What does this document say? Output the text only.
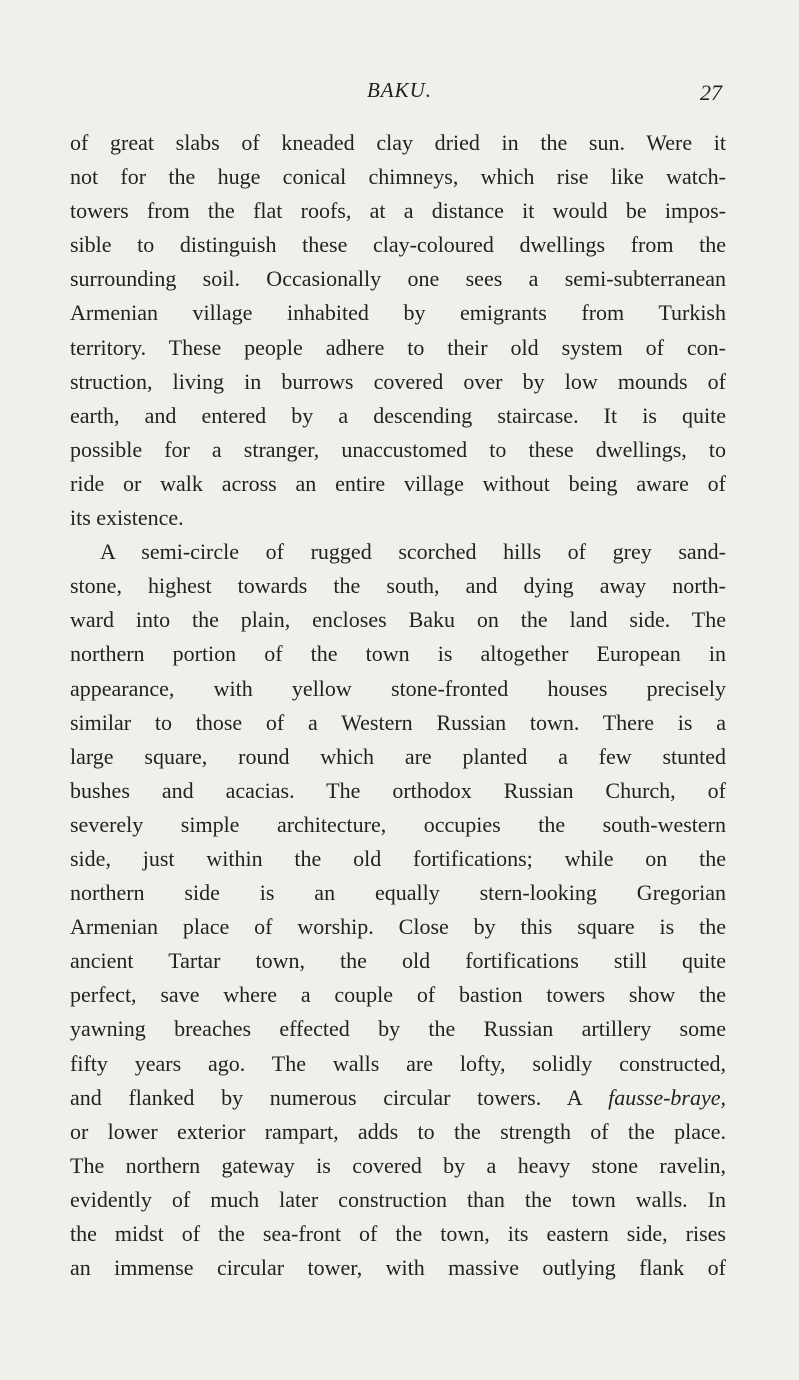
BAKU.	27
of great slabs of kneaded clay dried in the sun. Were it
not for the huge conical chimneys, which rise like watch-
towers from the flat roofs, at a distance it would be impos-
sible to distinguish these clay-coloured dwellings from the
surrounding soil. Occasionally one sees a semi-subterranean
Armenian village inhabited by emigrants from Turkish
territory. These people adhere to their old system of con-
struction, living in burrows covered over by low mounds of
earth, and entered by a descending staircase. It is quite
possible for a stranger, unaccustomed to these dwellings, to
ride or walk across an entire village without being aware of
its existence.
A semi-circle of rugged scorched hills of grey sand-
stone, highest towards the south, and dying away north-
ward into the plain, encloses Baku on the land side. The
northern portion of the town is altogether European in
appearance, with yellow stone-fronted houses precisely
similar to those of a Western Russian town. There is a
large square, round which are planted a few stunted
bushes and acacias. The orthodox Russian Church, of
severely simple architecture, occupies the south-western
side, just within the old fortifications; while on the
northern side is an equally stern-looking Gregorian
Armenian place of worship. Close by this square is the
ancient Tartar town, the old fortifications still quite
perfect, save where a couple of bastion towers show the
yawning breaches effected by the Russian artillery some
fifty years ago. The walls are lofty, solidly constructed,
and flanked by numerous circular towers. A fausse-braye,
or lower exterior rampart, adds to the strength of the place.
The northern gateway is covered by a heavy stone ravelin,
evidently of much later construction than the town walls. In
the midst of the sea-front of the town, its eastern side, rises
an immense circular tower, with massive outlying flank of
